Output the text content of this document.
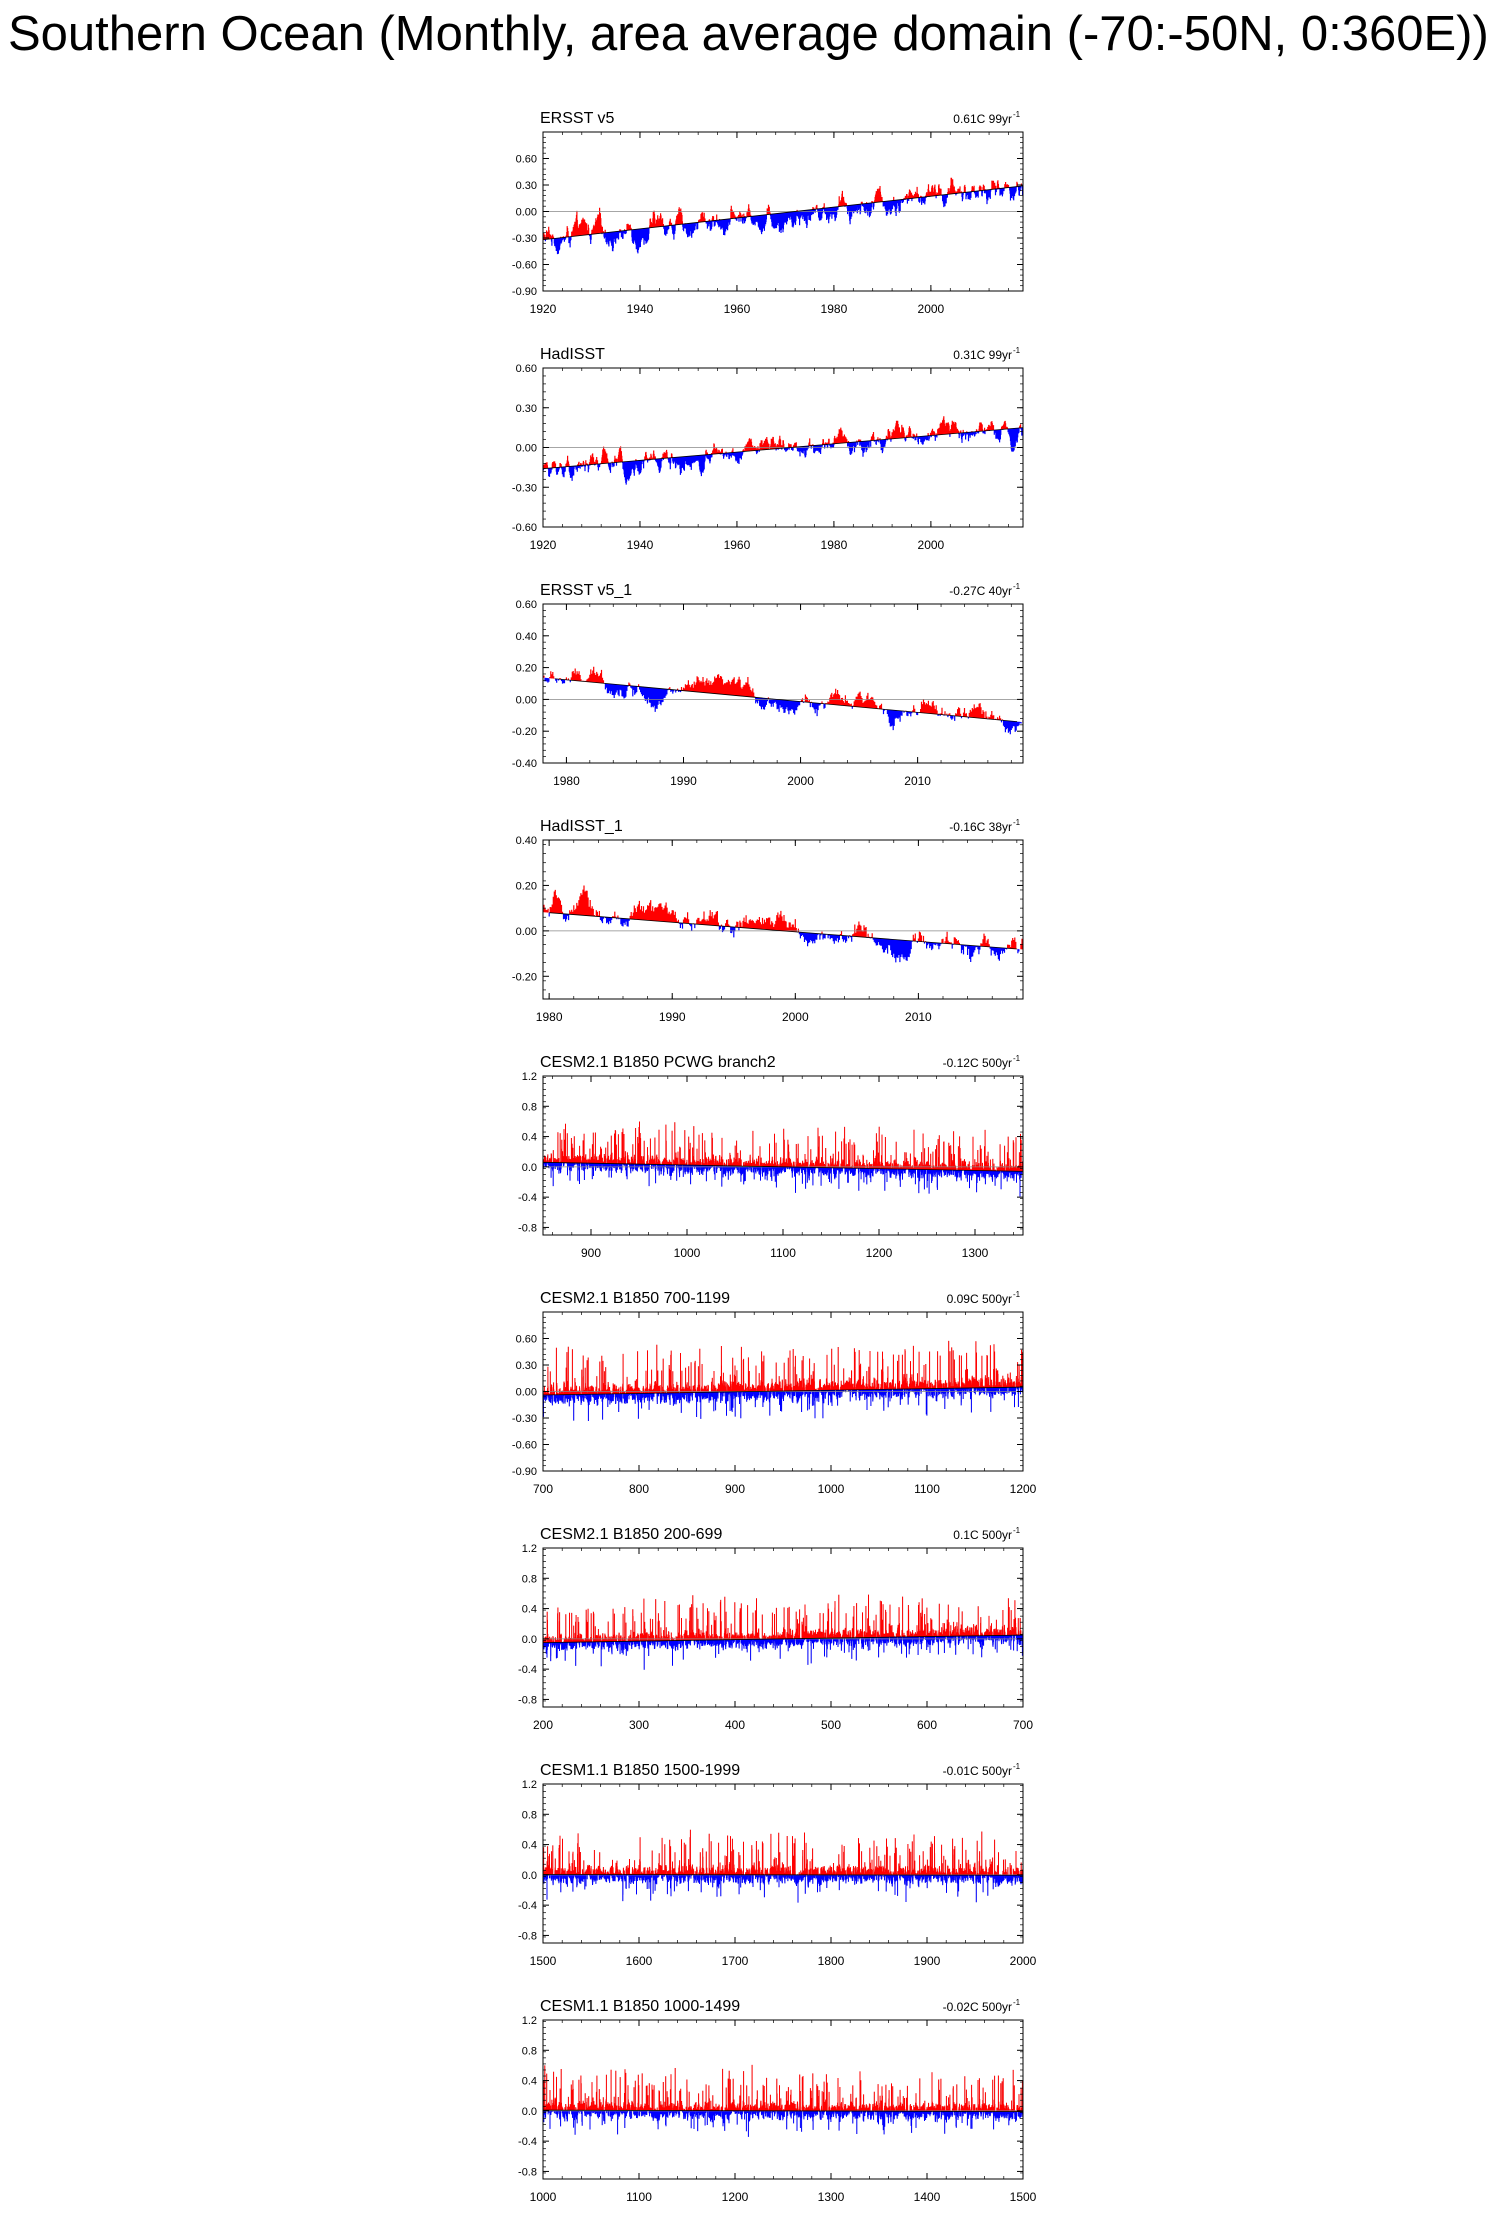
Southern Ocean (Monthly, area average domain (-70:-50N, 0:360E))
ERSST v5	0.61C 99yr -1
-0.90
-0.60
-0.30
0.00
0.30
0.60
1920	1940	1960	1980	2000
HadISST	0.31C 99yr -1
-0.60
-0.30
0.00
0.30
0.60
1920	1940	1960	1980	2000
ERSST v5_1	-0.27C 40yr -1
-0.40
-0.20
0.00
0.20
0.40
0.60
1980	1990	2000	2010
HadISST_1	-0.16C 38yr -1
-0.20
0.00
0.20
0.40
1980	1990	2000	2010
CESM2.1 B1850 PCWG branch2	-0.12C 500yr -1
-0.8
-0.4
0.0
0.4
0.8
1.2
900	1000	1100	1200	1300
CESM2.1 B1850 700-1199	0.09C 500yr -1
-0.90
-0.60
-0.30
0.00
0.30
0.60
700	800	900	1000	1100	1200
CESM2.1 B1850 200-699	0.1C 500yr -1
-0.8
-0.4
0.0
0.4
0.8
1.2
200	300	400	500	600	700
CESM1.1 B1850 1500-1999	-0.01C 500yr -1
-0.8
-0.4
0.0
0.4
0.8
1.2
1500	1600	1700	1800	1900	2000
CESM1.1 B1850 1000-1499	-0.02C 500yr -1
-0.8
-0.4
0.0
0.4
0.8
1.2
1000	1100	1200	1300	1400	1500
